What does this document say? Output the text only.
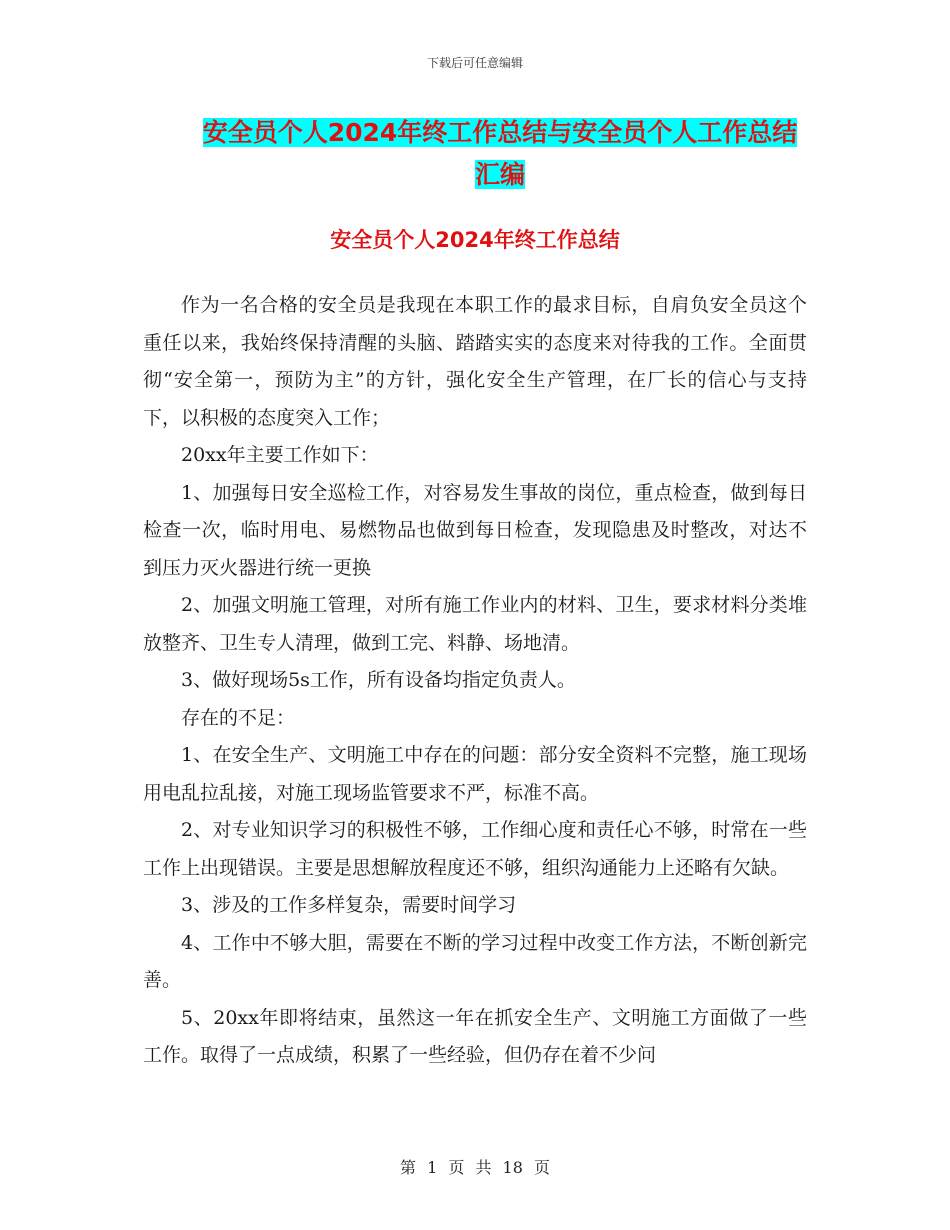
下载后可任意编辑
安全员个人2024年终工作总结与安全员个人工作总结
汇编
安全员个人2024年终工作总结

作为一名合格的安全员是我现在本职工作的最求目标，自肩负安全员这个重任以来，我始终保持清醒的头脑、踏踏实实的态度来对待我的工作。全面贯彻“安全第一，预防为主”的方针，强化安全生产管理，在厂长的信心与支持下，以积极的态度突入工作；

20xx年主要工作如下：

1、加强每日安全巡检工作，对容易发生事故的岗位，重点检查，做到每日检查一次，临时用电、易燃物品也做到每日检查，发现隐患及时整改，对达不到压力灭火器进行统一更换

2、加强文明施工管理，对所有施工作业内的材料、卫生，要求材料分类堆放整齐、卫生专人清理，做到工完、料静、场地清。

3、做好现场5s工作，所有设备均指定负责人。

存在的不足：

1、在安全生产、文明施工中存在的问题：部分安全资料不完整，施工现场用电乱拉乱接，对施工现场监管要求不严，标准不高。

2、对专业知识学习的积极性不够，工作细心度和责任心不够，时常在一些工作上出现错误。主要是思想解放程度还不够，组织沟通能力上还略有欠缺。

3、涉及的工作多样复杂，需要时间学习

4、工作中不够大胆，需要在不断的学习过程中改变工作方法，不断创新完善。

5、20xx年即将结束，虽然这一年在抓安全生产、文明施工方面做了一些工作。取得了一点成绩，积累了一些经验，但仍存在着不少问

第 1 页 共 18 页
